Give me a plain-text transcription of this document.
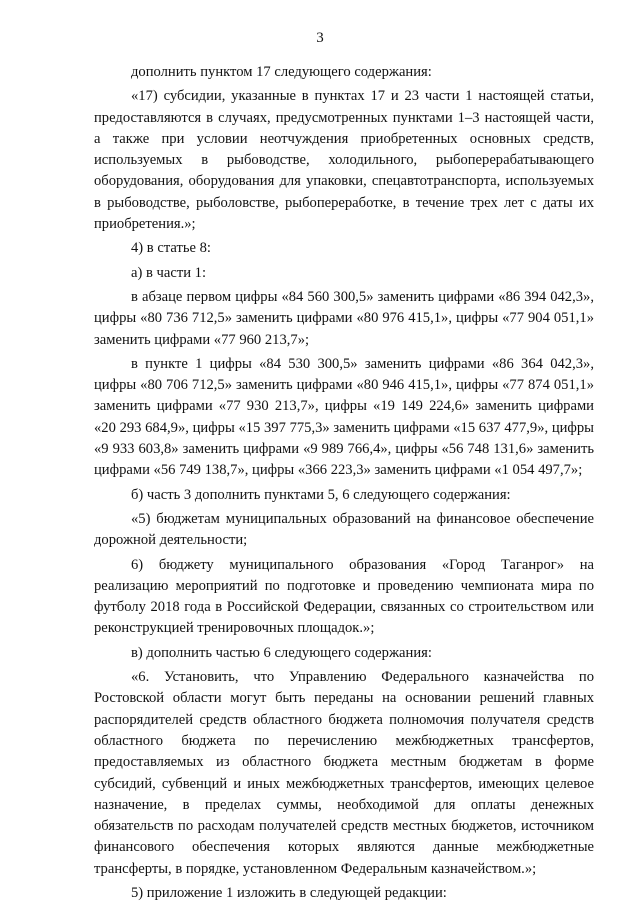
3

дополнить пунктом 17 следующего содержания:

«17) субсидии, указанные в пунктах 17 и 23 части 1 настоящей статьи, предоставляются в случаях, предусмотренных пунктами 1–3 настоящей части, а также при условии неотчуждения приобретенных основных средств, используемых в рыбоводстве, холодильного, рыбоперерабатывающего оборудования, оборудования для упаковки, спецавтотранспорта, используемых в рыбоводстве, рыболовстве, рыбопереработке, в течение трех лет с даты их приобретения.»;

4) в статье 8:

а) в части 1:

в абзаце первом цифры «84 560 300,5» заменить цифрами «86 394 042,3», цифры «80 736 712,5» заменить цифрами «80 976 415,1», цифры «77 904 051,1» заменить цифрами «77 960 213,7»;

в пункте 1 цифры «84 530 300,5» заменить цифрами «86 364 042,3», цифры «80 706 712,5» заменить цифрами «80 946 415,1», цифры «77 874 051,1» заменить цифрами «77 930 213,7», цифры «19 149 224,6» заменить цифрами «20 293 684,9», цифры «15 397 775,3» заменить цифрами «15 637 477,9», цифры «9 933 603,8» заменить цифрами «9 989 766,4», цифры «56 748 131,6» заменить цифрами «56 749 138,7», цифры «366 223,3» заменить цифрами «1 054 497,7»;

б) часть 3 дополнить пунктами 5, 6 следующего содержания:

«5) бюджетам муниципальных образований на финансовое обеспечение дорожной деятельности;

6) бюджету муниципального образования «Город Таганрог» на реализацию мероприятий по подготовке и проведению чемпионата мира по футболу 2018 года в Российской Федерации, связанных со строительством или реконструкцией тренировочных площадок.»;

в) дополнить частью 6 следующего содержания:

«6. Установить, что Управлению Федерального казначейства по Ростовской области могут быть переданы на основании решений главных распорядителей средств областного бюджета полномочия получателя средств областного бюджета по перечислению межбюджетных трансфертов, предоставляемых из областного бюджета местным бюджетам в форме субсидий, субвенций и иных межбюджетных трансфертов, имеющих целевое назначение, в пределах суммы, необходимой для оплаты денежных обязательств по расходам получателей средств местных бюджетов, источником финансового обеспечения которых являются данные межбюджетные трансферты, в порядке, установленном Федеральным казначейством.»;

5) приложение 1 изложить в следующей редакции:
